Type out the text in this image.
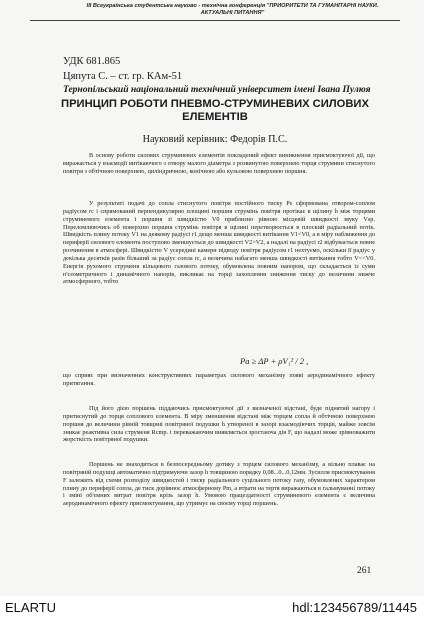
III Всеукраїнська студентська науково - технічна конференція "ПРИОРИТЕТИ ТА ГУМАНІТАРНІ НАУКИ.
АКТУАЛЬНІ ПИТАННЯ"
УДК 681.865
Цяпута С. – ст. гр. КАм-51
Тернопільський національний технічний університет імені Івана Пулюя
ПРИНЦИП РОБОТИ ПНЕВМО-СТРУМИНЕВИХ СИЛОВИХ ЕЛЕМЕНТІВ
Науковий керівник: Федорів П.С.
В основу роботи силових струминевих елементів покладений ефект виникнення присмоктуючої дії, що виражається у взаємодії витікаючого з отвору малого діаметра з розвинутою поверхнею торця струмини стиснутого повітря з обтічною поверхнею, циліндричною, конічною або кульовою поверхнею поршня.
У результаті подачі до сопла стиснутого повітря постійного тиску Ps сформована отвором-соплом радіусом rc і спрямований перпендикулярно площині поршня струмінь повітря протікає в щілину h між торцями струминевого елемента і поршня зі швидкістю V0 приблизно рівною місцевій швидкості звуку Vsp. Переломлюючись об поверхню поршня струмінь повітря в щілині перетворюється в плоский радіальний потік. Швидкість плину потоку V1 на деякому радіусі r1 дещо менша швидкості витікання V1<V0, а в міру наближення до периферії силового елемента поступово зменшується до швидкості V2>V2, а надалі на радіусі r2 відбувається повне розчинення в атмосфері. Швидкістю V усередині камери підводу повітря радіусом r1 нехтуємо, оскільки її радіус у декілька десятків разів більший за радіус сопла rc, а величина набагато менша швидкості витікання тобто V<<V0. Енергія рухомого струменя кільцевого газового потоку, обумовлена повним напором, що складається із суми п'єзометричного і динамічного напорів, викликає на торці захоплення зниження тиску до величини нижче атмосферного, тобто
Pa ≥ ΔP + ρV₁² / 2 ,
що сприяє при визначенних конструктивних параметрах силового механізму появі аеродинамічного ефекту притягання.
Під його дією поршень піддаючись присмоктуючої дії з визначеної відстані, буде піднятий нагору і притиснутий до торця соплового елемента. В міру зменшення відстані між торцем сопла й обтічною поверхнею поршня до величини рівній товщині повітряної подушки h утвореної в зазорі взаємодіючих торців, майже зовсім зникає реактивна сила струменя Rсmp. і переважаючим виявляється зростаюча дія F, що надалі може зрівноважити жорсткість повітряної подушки.
Поршень не знаходиться в безпосередньому дотику з торцем силового механізму, а вільно плаває на повітряній подушці автоматично підтримуючи зазор h товщиною порядку 0,08...0...0,12мм. Зусилля присмоктування F залежить від схеми розподілу швидкостей і тиску радіального суцільного потоку газу, обумовлених характером плину до периферії сопла, де тиск дорівнює атмосферному Pm, а втрати на тертя виражаються в гальмуванні потоку і зміні об'ємних витрат повітря крізь зазор h. Умовою працездатності струминевого елемента є величина аеродинамічного ефекту присмоктування, що утримує на своєму торці поршень.
261
ELARTU	hdl:123456789/11445
